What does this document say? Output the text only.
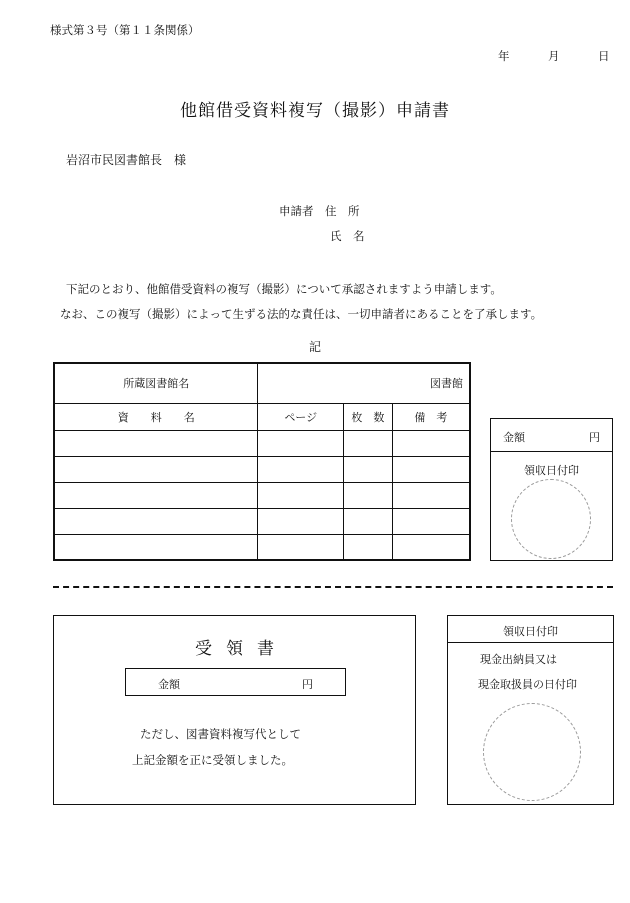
様式第３号（第１１条関係）
年	月	日
他館借受資料複写（撮影）申請書
岩沼市民図書館長　様
申請者　住　所
氏　名
下記のとおり、他館借受資料の複写（撮影）について承認されますよう申請します。
なお、この複写（撮影）によって生ずる法的な責任は、一切申請者にあることを了承します。
記
所蔵図書館名	図書館		
資　　料　　名	ページ	枚　数	備　考

金額	円
領収日付印
受領書
金額	円
ただし、図書資料複写代として
上記金額を正に受領しました。
領収日付印
現金出納員又は
現金取扱員の日付印
